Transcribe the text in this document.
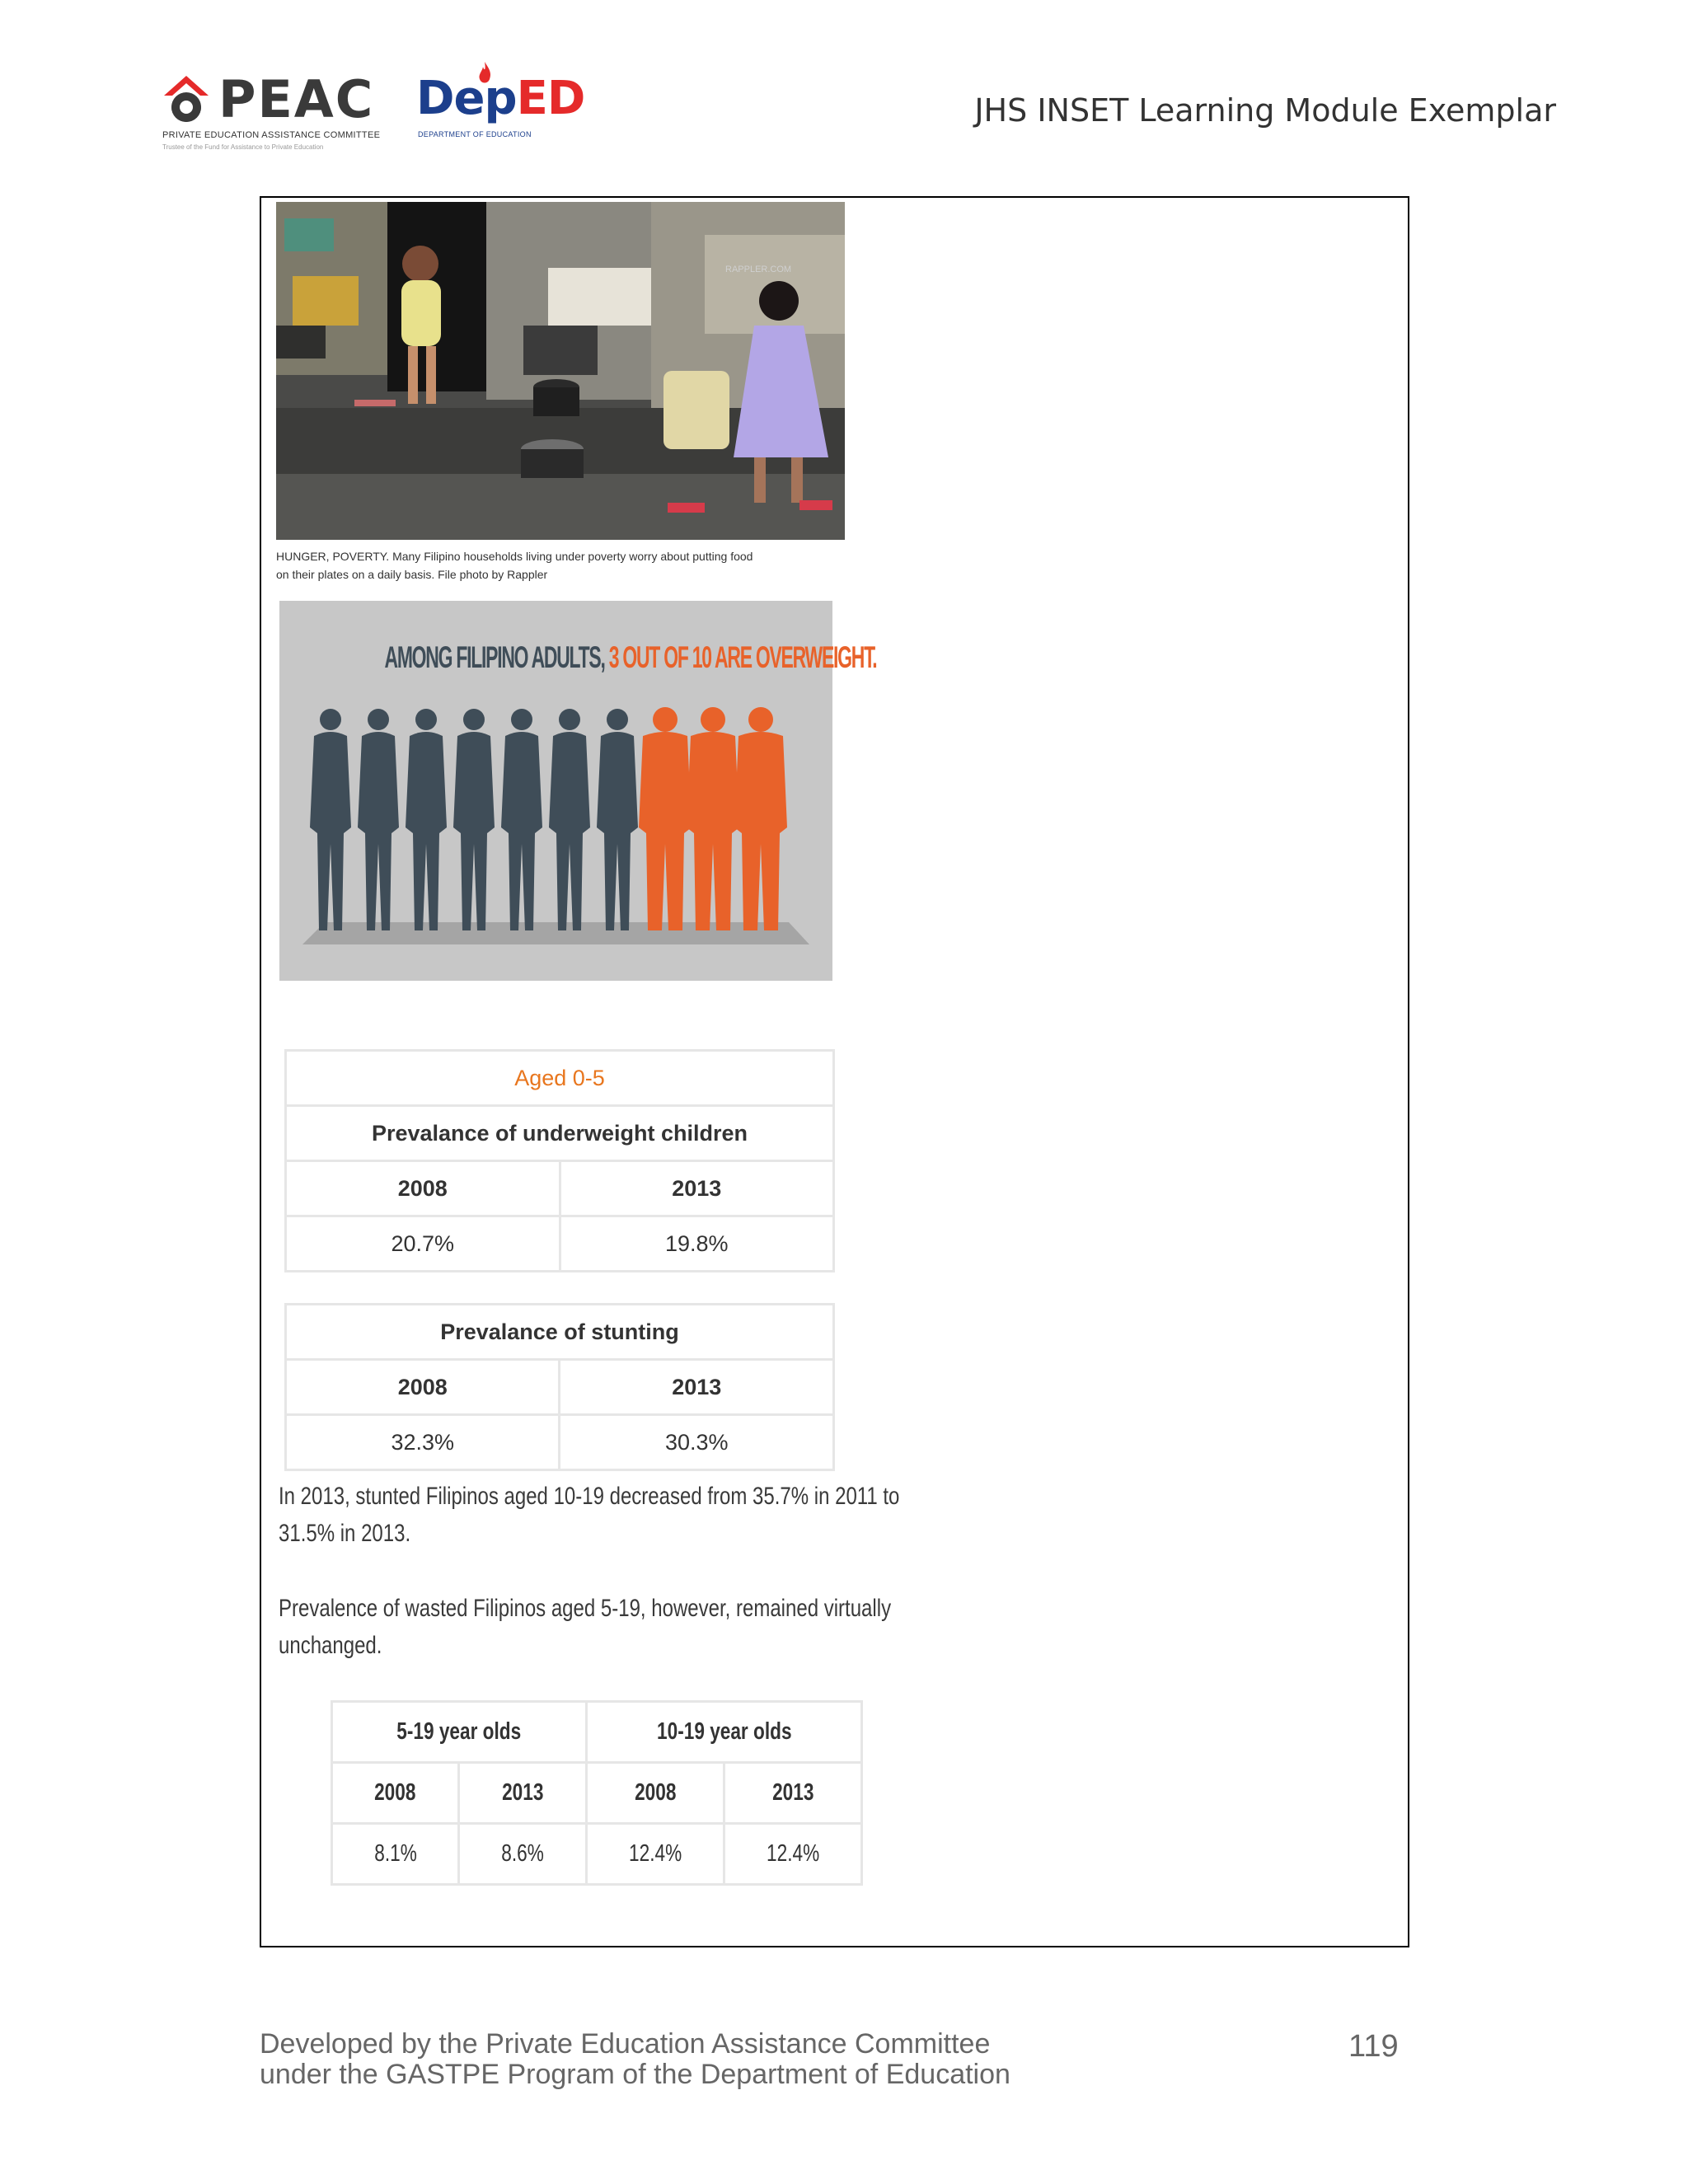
PEAC
PRIVATE EDUCATION ASSISTANCE COMMITTEE
Trustee of the Fund for Assistance to Private Education
DepED
DEPARTMENT OF EDUCATION
JHS INSET Learning Module Exemplar
RAPPLER.COM
HUNGER, POVERTY. Many Filipino households living under poverty worry about putting food
on their plates on a daily basis. File photo by Rappler
AMONG FILIPINO ADULTS, 3 OUT OF 10 ARE OVERWEIGHT.
Aged 0-5	
Prevalance of underweight children	
2008	2013
20.7%	19.8%
Prevalance of stunting	
2008	2013
32.3%	30.3%
In 2013, stunted Filipinos aged 10-19 decreased from 35.7% in 2011 to
31.5% in 2013.
Prevalence of wasted Filipinos aged 5-19, however, remained virtually
unchanged.
5-19 year olds		10-19 year olds	
2008	2013	2008	2013
8.1%	8.6%	12.4%	12.4%
Developed by the Private Education Assistance Committee
under the GASTPE Program of the Department of Education
119
